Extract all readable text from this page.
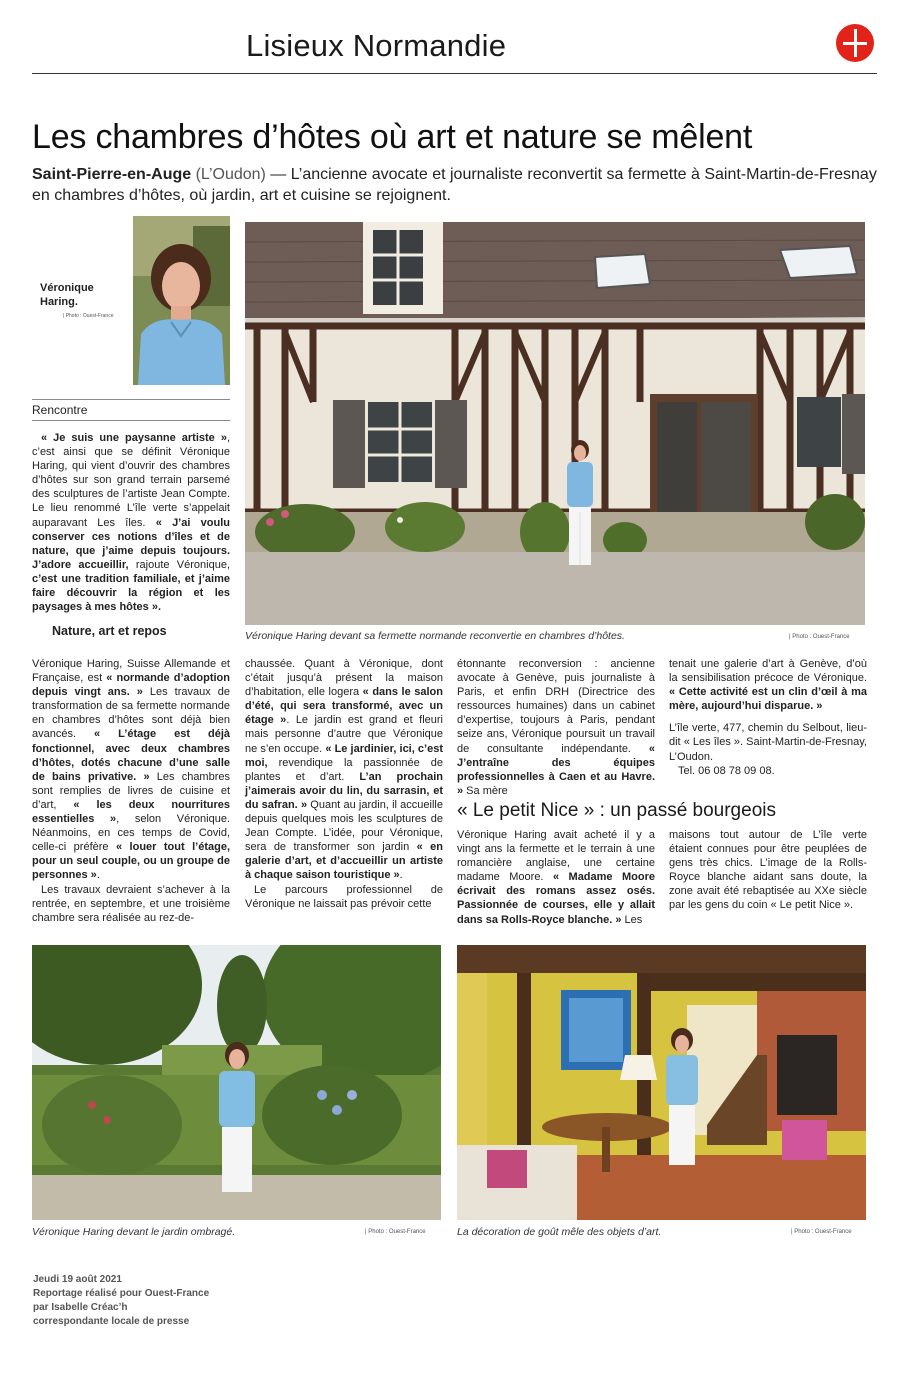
Lisieux Normandie
Les chambres d’hôtes où art et nature se mêlent
Saint-Pierre-en-Auge (L’Oudon) — L’ancienne avocate et journaliste reconvertit sa fermette à Saint-Martin-de-Fresnay en chambres d’hôtes, où jardin, art et cuisine se rejoignent.
Véronique
Haring.
| Photo : Ouest-France
Rencontre

« Je suis une paysanne artiste », c’est ainsi que se définit Véronique Haring, qui vient d’ouvrir des chambres d’hôtes sur son grand terrain parsemé des sculptures de l’artiste Jean Compte. Le lieu renommé L’île verte s’appelait auparavant Les îles. « J’ai voulu conserver ces notions d’îles et de nature, que j’aime depuis toujours. J’adore accueillir, rajoute Véronique, c’est une tradition familiale, et j’aime faire découvrir la région et les paysages à mes hôtes ».

Nature, art et repos

Véronique Haring, Suisse Allemande et Française, est « normande d’adoption depuis vingt ans. » Les travaux de transformation de sa fermette normande en chambres d’hôtes sont déjà bien avancés. « L’étage est déjà fonctionnel, avec deux chambres d’hôtes, dotés chacune d’une salle de bains privative. » Les chambres sont remplies de livres de cuisine et d’art, « les deux nourritures essentielles », selon Véronique. Néanmoins, en ces temps de Covid, celle-ci préfère « louer tout l’étage, pour un seul couple, ou un groupe de personnes ».

Les travaux devraient s’achever à la rentrée, en septembre, et une troisième chambre sera réalisée au rez-de-

chaussée. Quant à Véronique, dont c’était jusqu’à présent la maison d’habitation, elle logera « dans le salon d’été, qui sera transformé, avec un étage ». Le jardin est grand et fleuri mais personne d’autre que Véronique ne s’en occupe. « Le jardinier, ici, c’est moi, revendique la passionnée de plantes et d’art. L’an prochain j’aimerais avoir du lin, du sarrasin, et du safran. » Quant au jardin, il accueille depuis quelques mois les sculptures de Jean Compte. L’idée, pour Véronique, sera de transformer son jardin « en galerie d’art, et d’accueillir un artiste à chaque saison touristique ».

Le parcours professionnel de Véronique ne laissait pas prévoir cette

étonnante reconversion : ancienne avocate à Genève, puis journaliste à Paris, et enfin DRH (Directrice des ressources humaines) dans un cabinet d’expertise, toujours à Paris, pendant seize ans, Véronique poursuit un travail de consultante indépendante. « J’entraîne des équipes professionnelles à Caen et au Havre. » Sa mère

tenait une galerie d’art à Genève, d’où la sensibilisation précoce de Véronique. « Cette activité est un clin d’œil à ma mère, aujourd’hui disparue. »

L’île verte, 477, chemin du Selbout, lieu-dit « Les îles ». Saint-Martin-de-Fresnay, L’Oudon.

Tel. 06 08 78 09 08.

« Le petit Nice » : un passé bourgeois

Véronique Haring avait acheté il y a vingt ans la fermette et le terrain à une romancière anglaise, une certaine madame Moore. « Madame Moore écrivait des romans assez osés. Passionnée de courses, elle y allait dans sa Rolls-Royce blanche. » Les

maisons tout autour de L’île verte étaient connues pour être peuplées de gens très chics. L’image de la Rolls-Royce blanche aidant sans doute, la zone avait été rebaptisée au XXe siècle par les gens du coin « Le petit Nice ».

Véronique Haring devant sa fermette normande reconvertie en chambres d’hôtes.	| Photo : Ouest-France
Véronique Haring devant le jardin ombragé.	| Photo : Ouest-France	La décoration de goût mêle des objets d’art.	| Photo : Ouest-France
Jeudi 19 août 2021
Reportage réalisé pour Ouest-France
par Isabelle Créac’h
correspondante locale de presse
